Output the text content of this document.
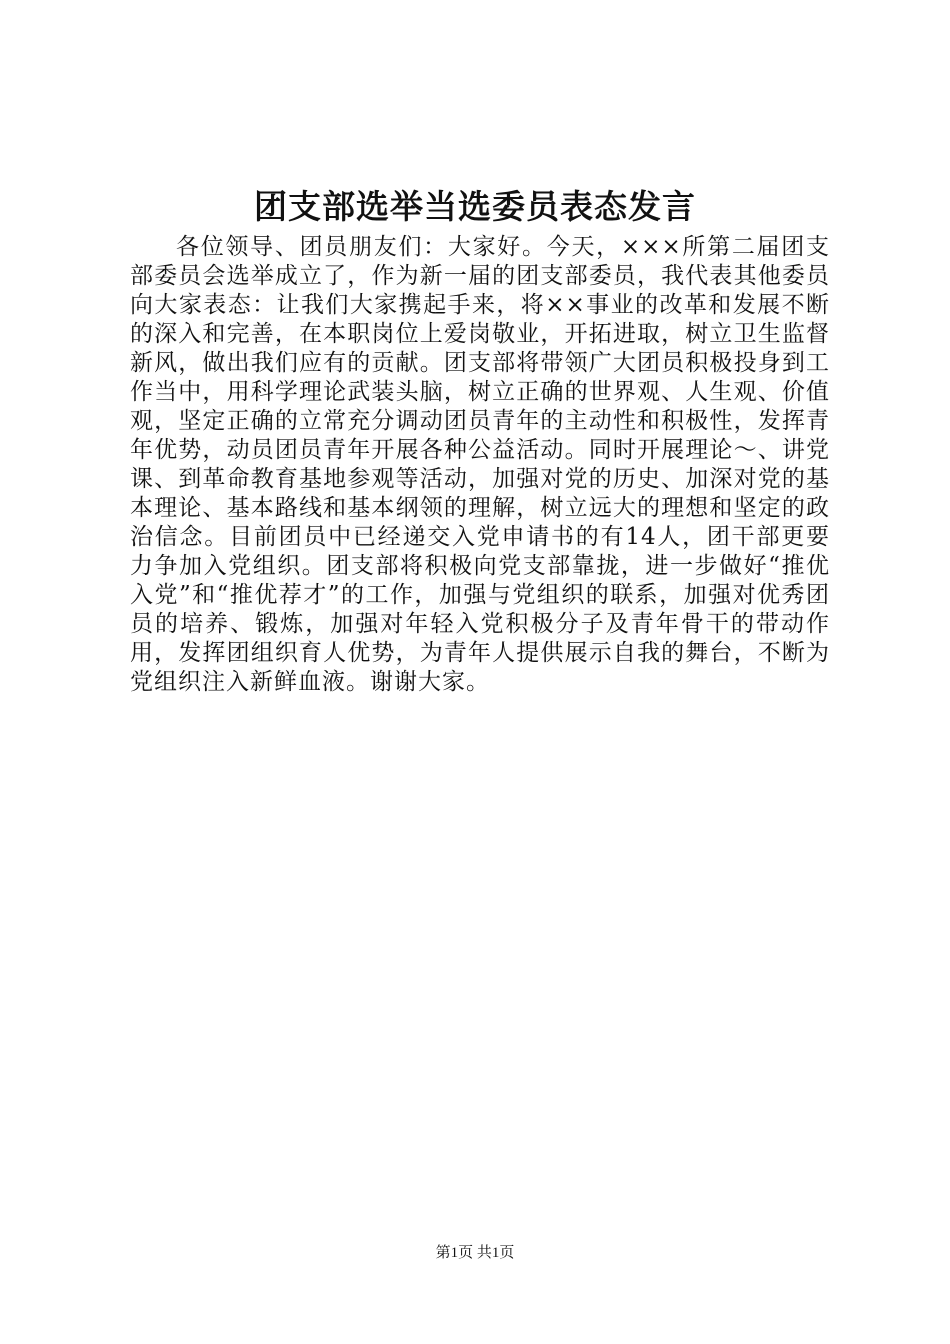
团支部选举当选委员表态发言

各位领导、团员朋友们：大家好。今天，×××所第二届团支部委员会选举成立了，作为新一届的团支部委员，我代表其他委员向大家表态：让我们大家携起手来，将××事业的改革和发展不断的深入和完善，在本职岗位上爱岗敬业，开拓进取，树立卫生监督新风，做出我们应有的贡献。团支部将带领广大团员积极投身到工作当中，用科学理论武装头脑，树立正确的世界观、人生观、价值观，坚定正确的立常充分调动团员青年的主动性和积极性，发挥青年优势，动员团员青年开展各种公益活动。同时开展理论～、讲党课、到革命教育基地参观等活动，加强对党的历史、加深对党的基本理论、基本路线和基本纲领的理解，树立远大的理想和坚定的政治信念。目前团员中已经递交入党申请书的有14人，团干部更要力争加入党组织。团支部将积极向党支部靠拢，进一步做好“推优入党”和“推优荐才”的工作，加强与党组织的联系，加强对优秀团员的培养、锻炼，加强对年轻入党积极分子及青年骨干的带动作用，发挥团组织育人优势，为青年人提供展示自我的舞台，不断为党组织注入新鲜血液。谢谢大家。

第1页 共1页
